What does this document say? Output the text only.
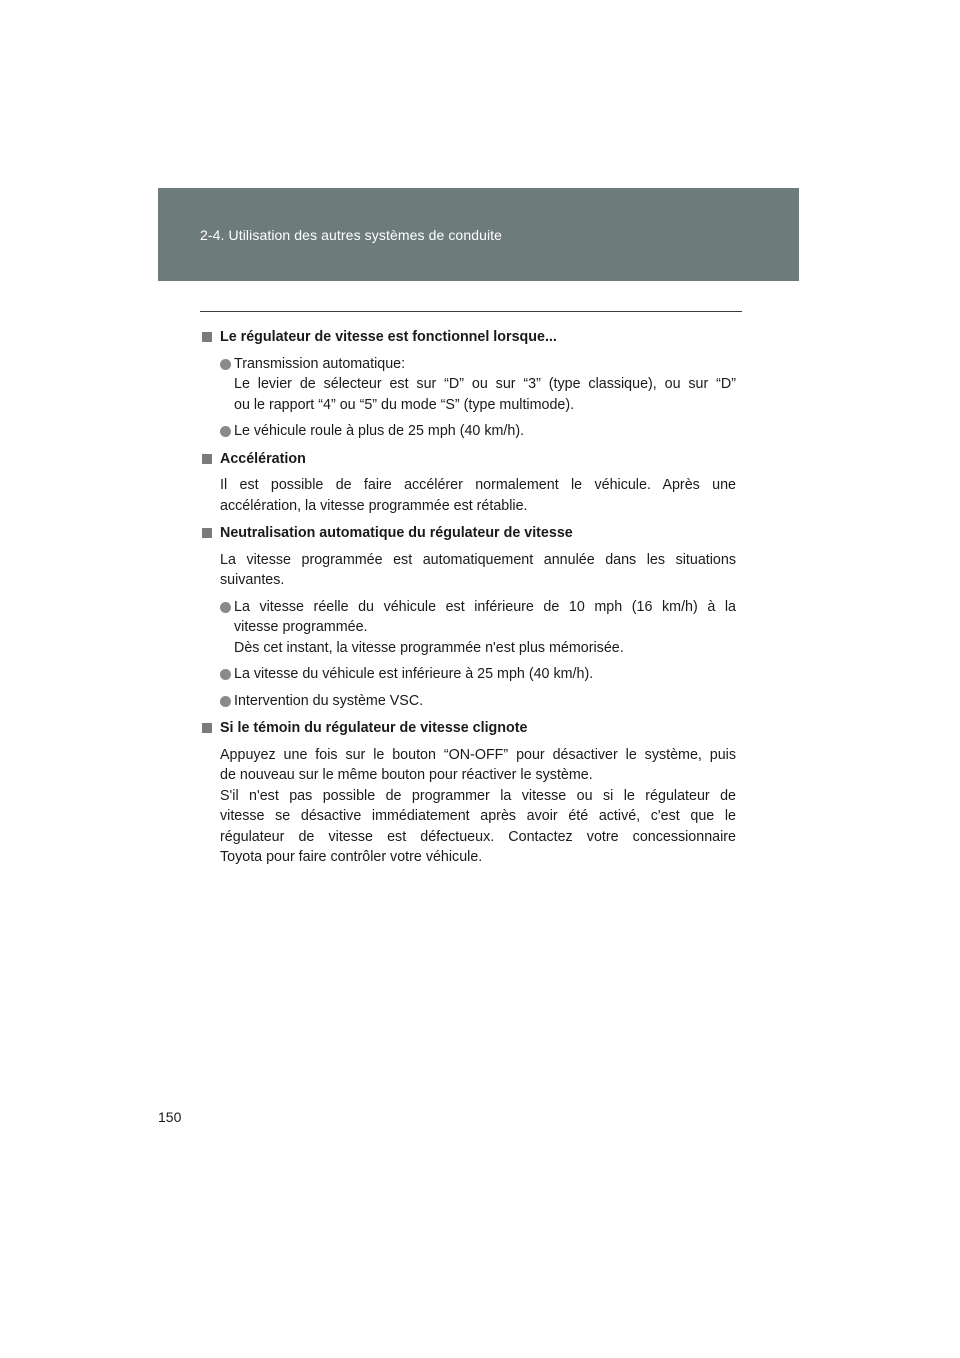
2-4. Utilisation des autres systèmes de conduite
Le régulateur de vitesse est fonctionnel lorsque...
Transmission automatique:
Le levier de sélecteur est sur “D” ou sur “3” (type classique), ou sur “D”
ou le rapport “4” ou “5” du mode “S” (type multimode).
Le véhicule roule à plus de 25 mph (40 km/h).
Accélération
Il est possible de faire accélérer normalement le véhicule. Après une
accélération, la vitesse programmée est rétablie.
Neutralisation automatique du régulateur de vitesse
La vitesse programmée est automatiquement annulée dans les situations
suivantes.
La vitesse réelle du véhicule est inférieure de 10 mph (16 km/h) à la
vitesse programmée.
Dès cet instant, la vitesse programmée n'est plus mémorisée.
La vitesse du véhicule est inférieure à 25 mph (40 km/h).
Intervention du système VSC.
Si le témoin du régulateur de vitesse clignote
Appuyez une fois sur le bouton “ON-OFF” pour désactiver le système, puis
de nouveau sur le même bouton pour réactiver le système.
S'il n'est pas possible de programmer la vitesse ou si le régulateur de
vitesse se désactive immédiatement après avoir été activé, c'est que le
régulateur de vitesse est défectueux. Contactez votre concessionnaire
Toyota pour faire contrôler votre véhicule.
150
